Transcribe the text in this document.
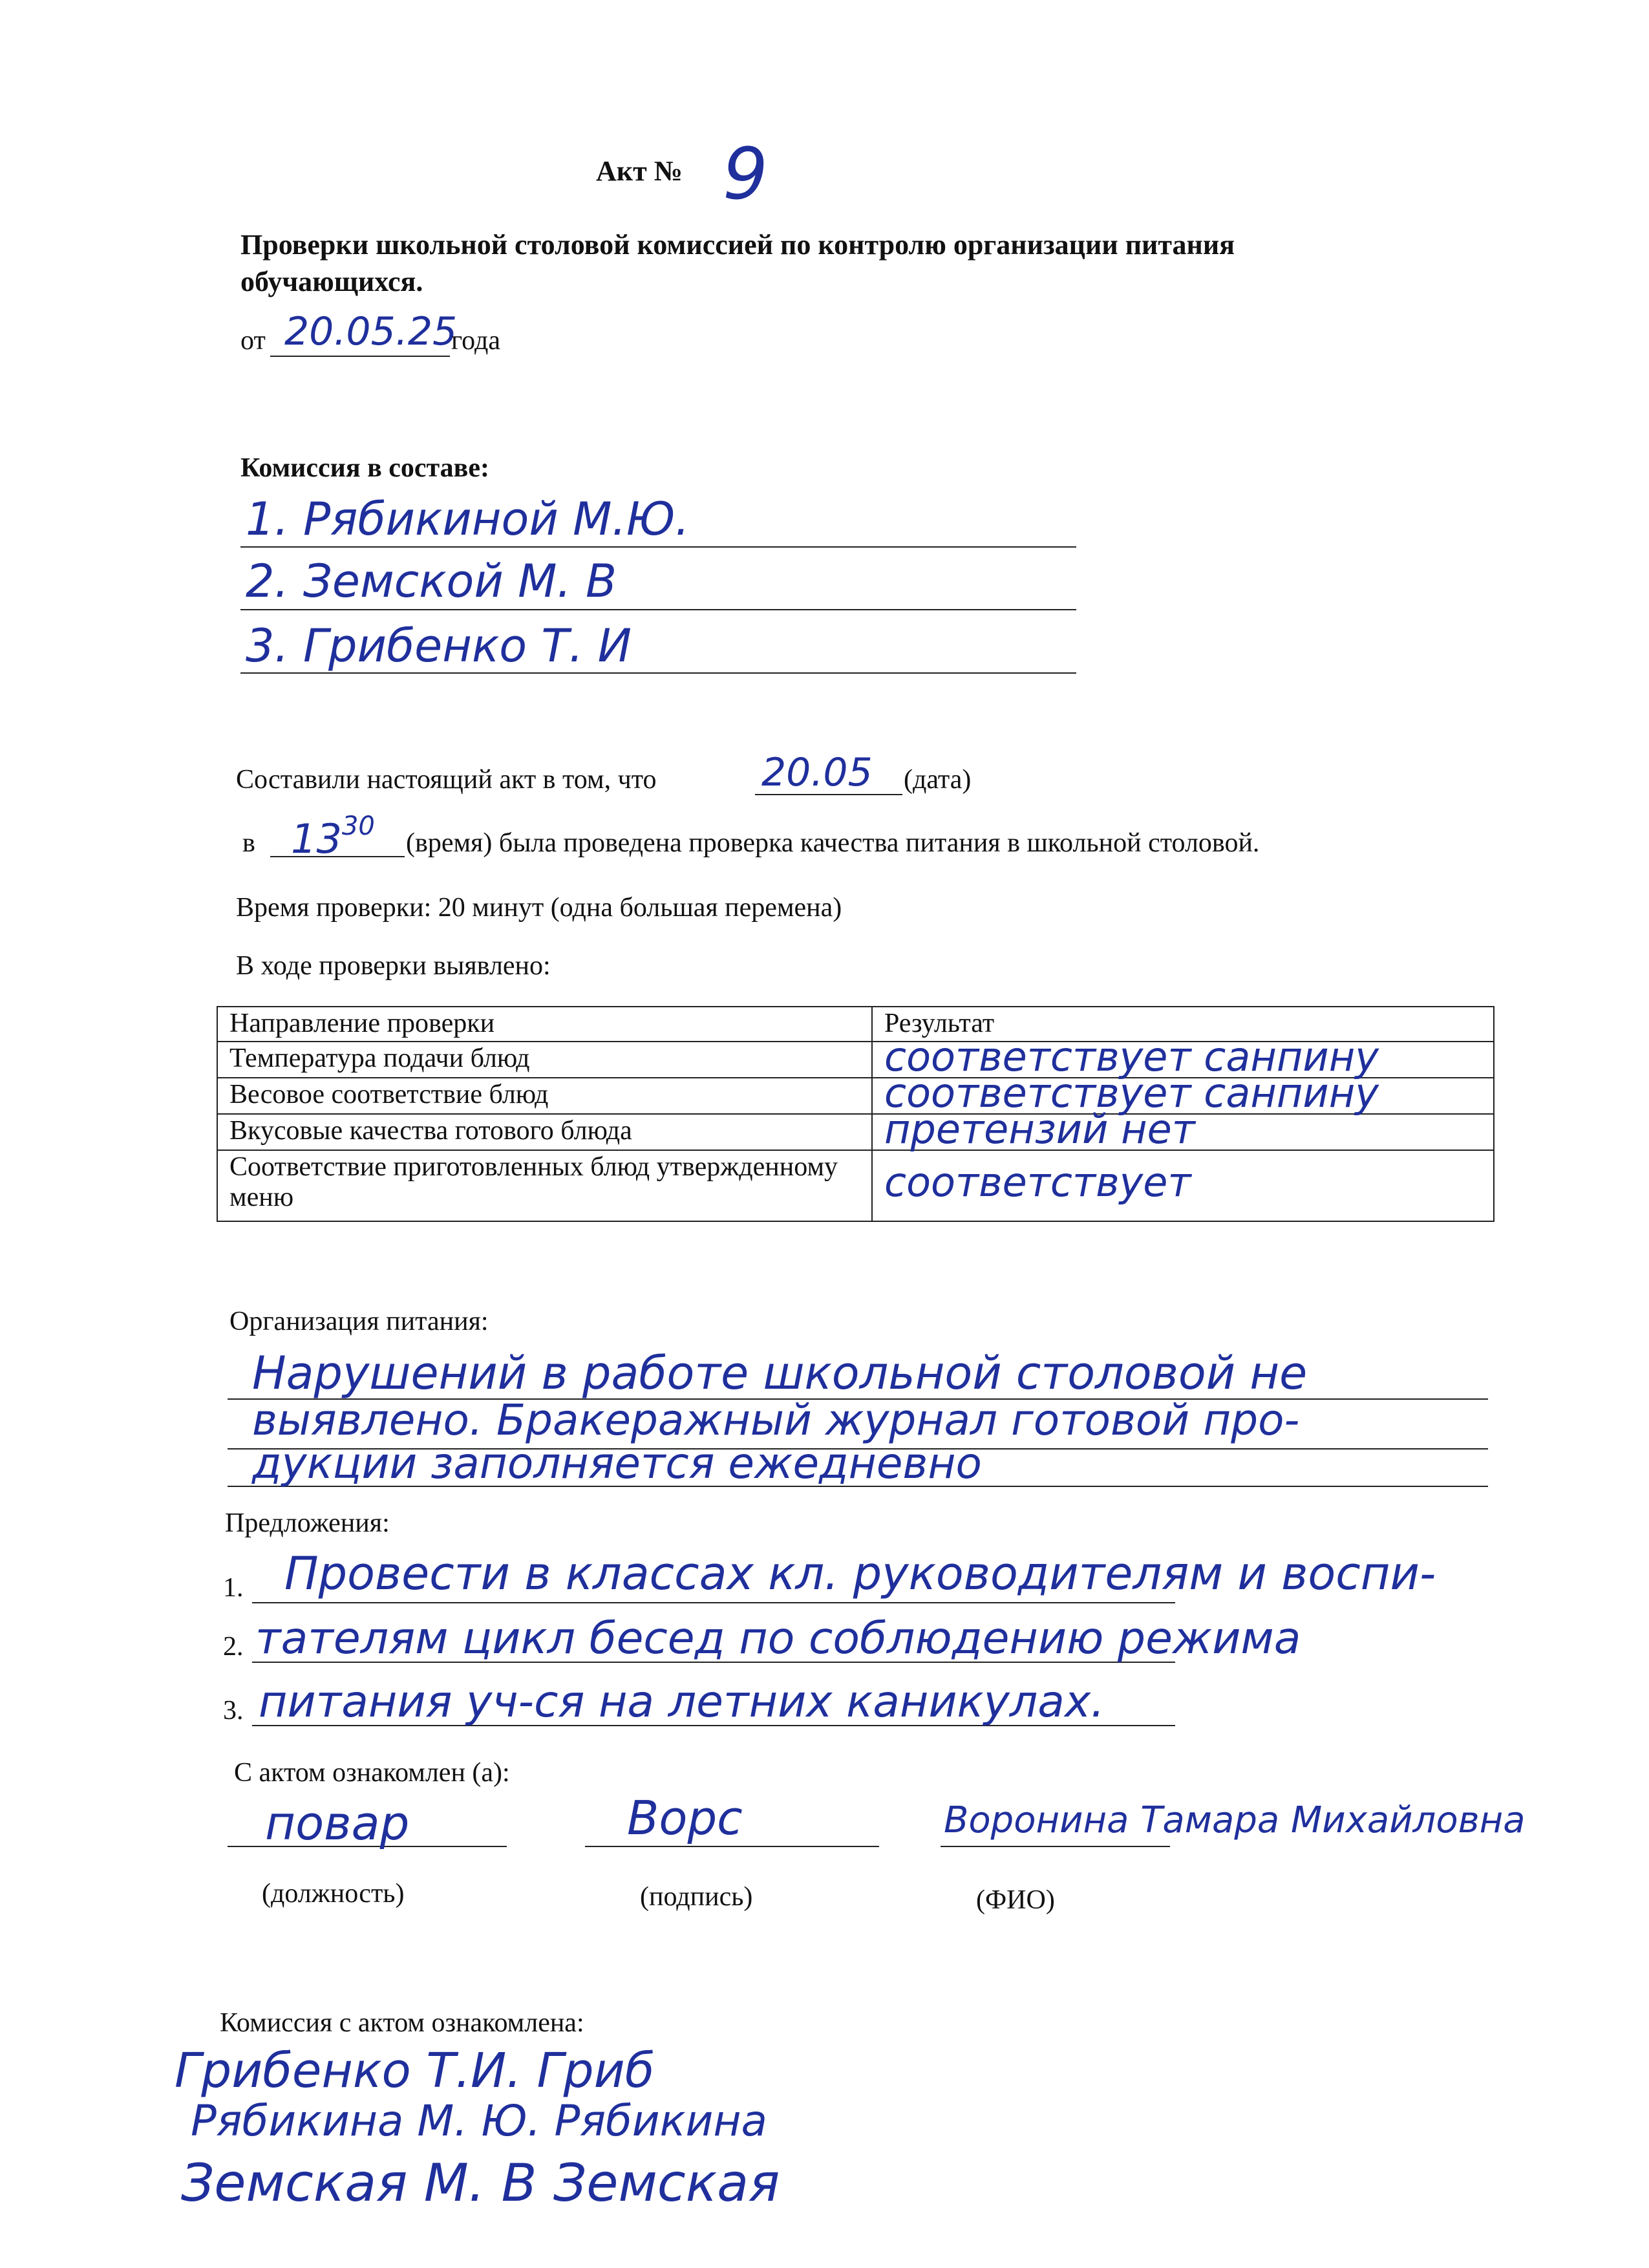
Акт № 9
Проверки школьной столовой комиссией по контролю организации питания обучающихся.
от 20.05.25
года
Комиссия в составе:
1. Рябикиной М.Ю.
2. Земской М. В
3. Грибенко Т. И
Составили настоящий акт в том, что	20.05 (дата)
в $13^{30}$
(время) была проведена проверка качества питания в школьной столовой.
Время проверки: 20 минут (одна большая перемена)
В ходе проверки выявлено:
Направление проверки	Результат
Температура подачи блюд	соответствует санпину

Весовое соответствие блюд	соответствует санпину

Вкусовые качества готового блюда	претензий нет

Соответствие приготовленных блюд утвержденному меню	соответствует
Организация питания:
Нарушений в работе школьной столовой не
выявлено. Бракеражный журнал готовой про-
дукции заполняется ежедневно
Предложения:
1.
2.
3.
Провести в классах кл. руководителям и воспи-
тателям цикл бесед по соблюдению режима
питания уч-ся на летних каникулах.
С актом ознакомлен (а):
повар	Ворс	Воронина Тамара Михайловна
(должность)	(подпись)	(ФИО)
Комиссия с актом ознакомлена:
Грибенко Т.И. Гриб
Рябикина М. Ю. Рябикина
Земская М. В Земская
